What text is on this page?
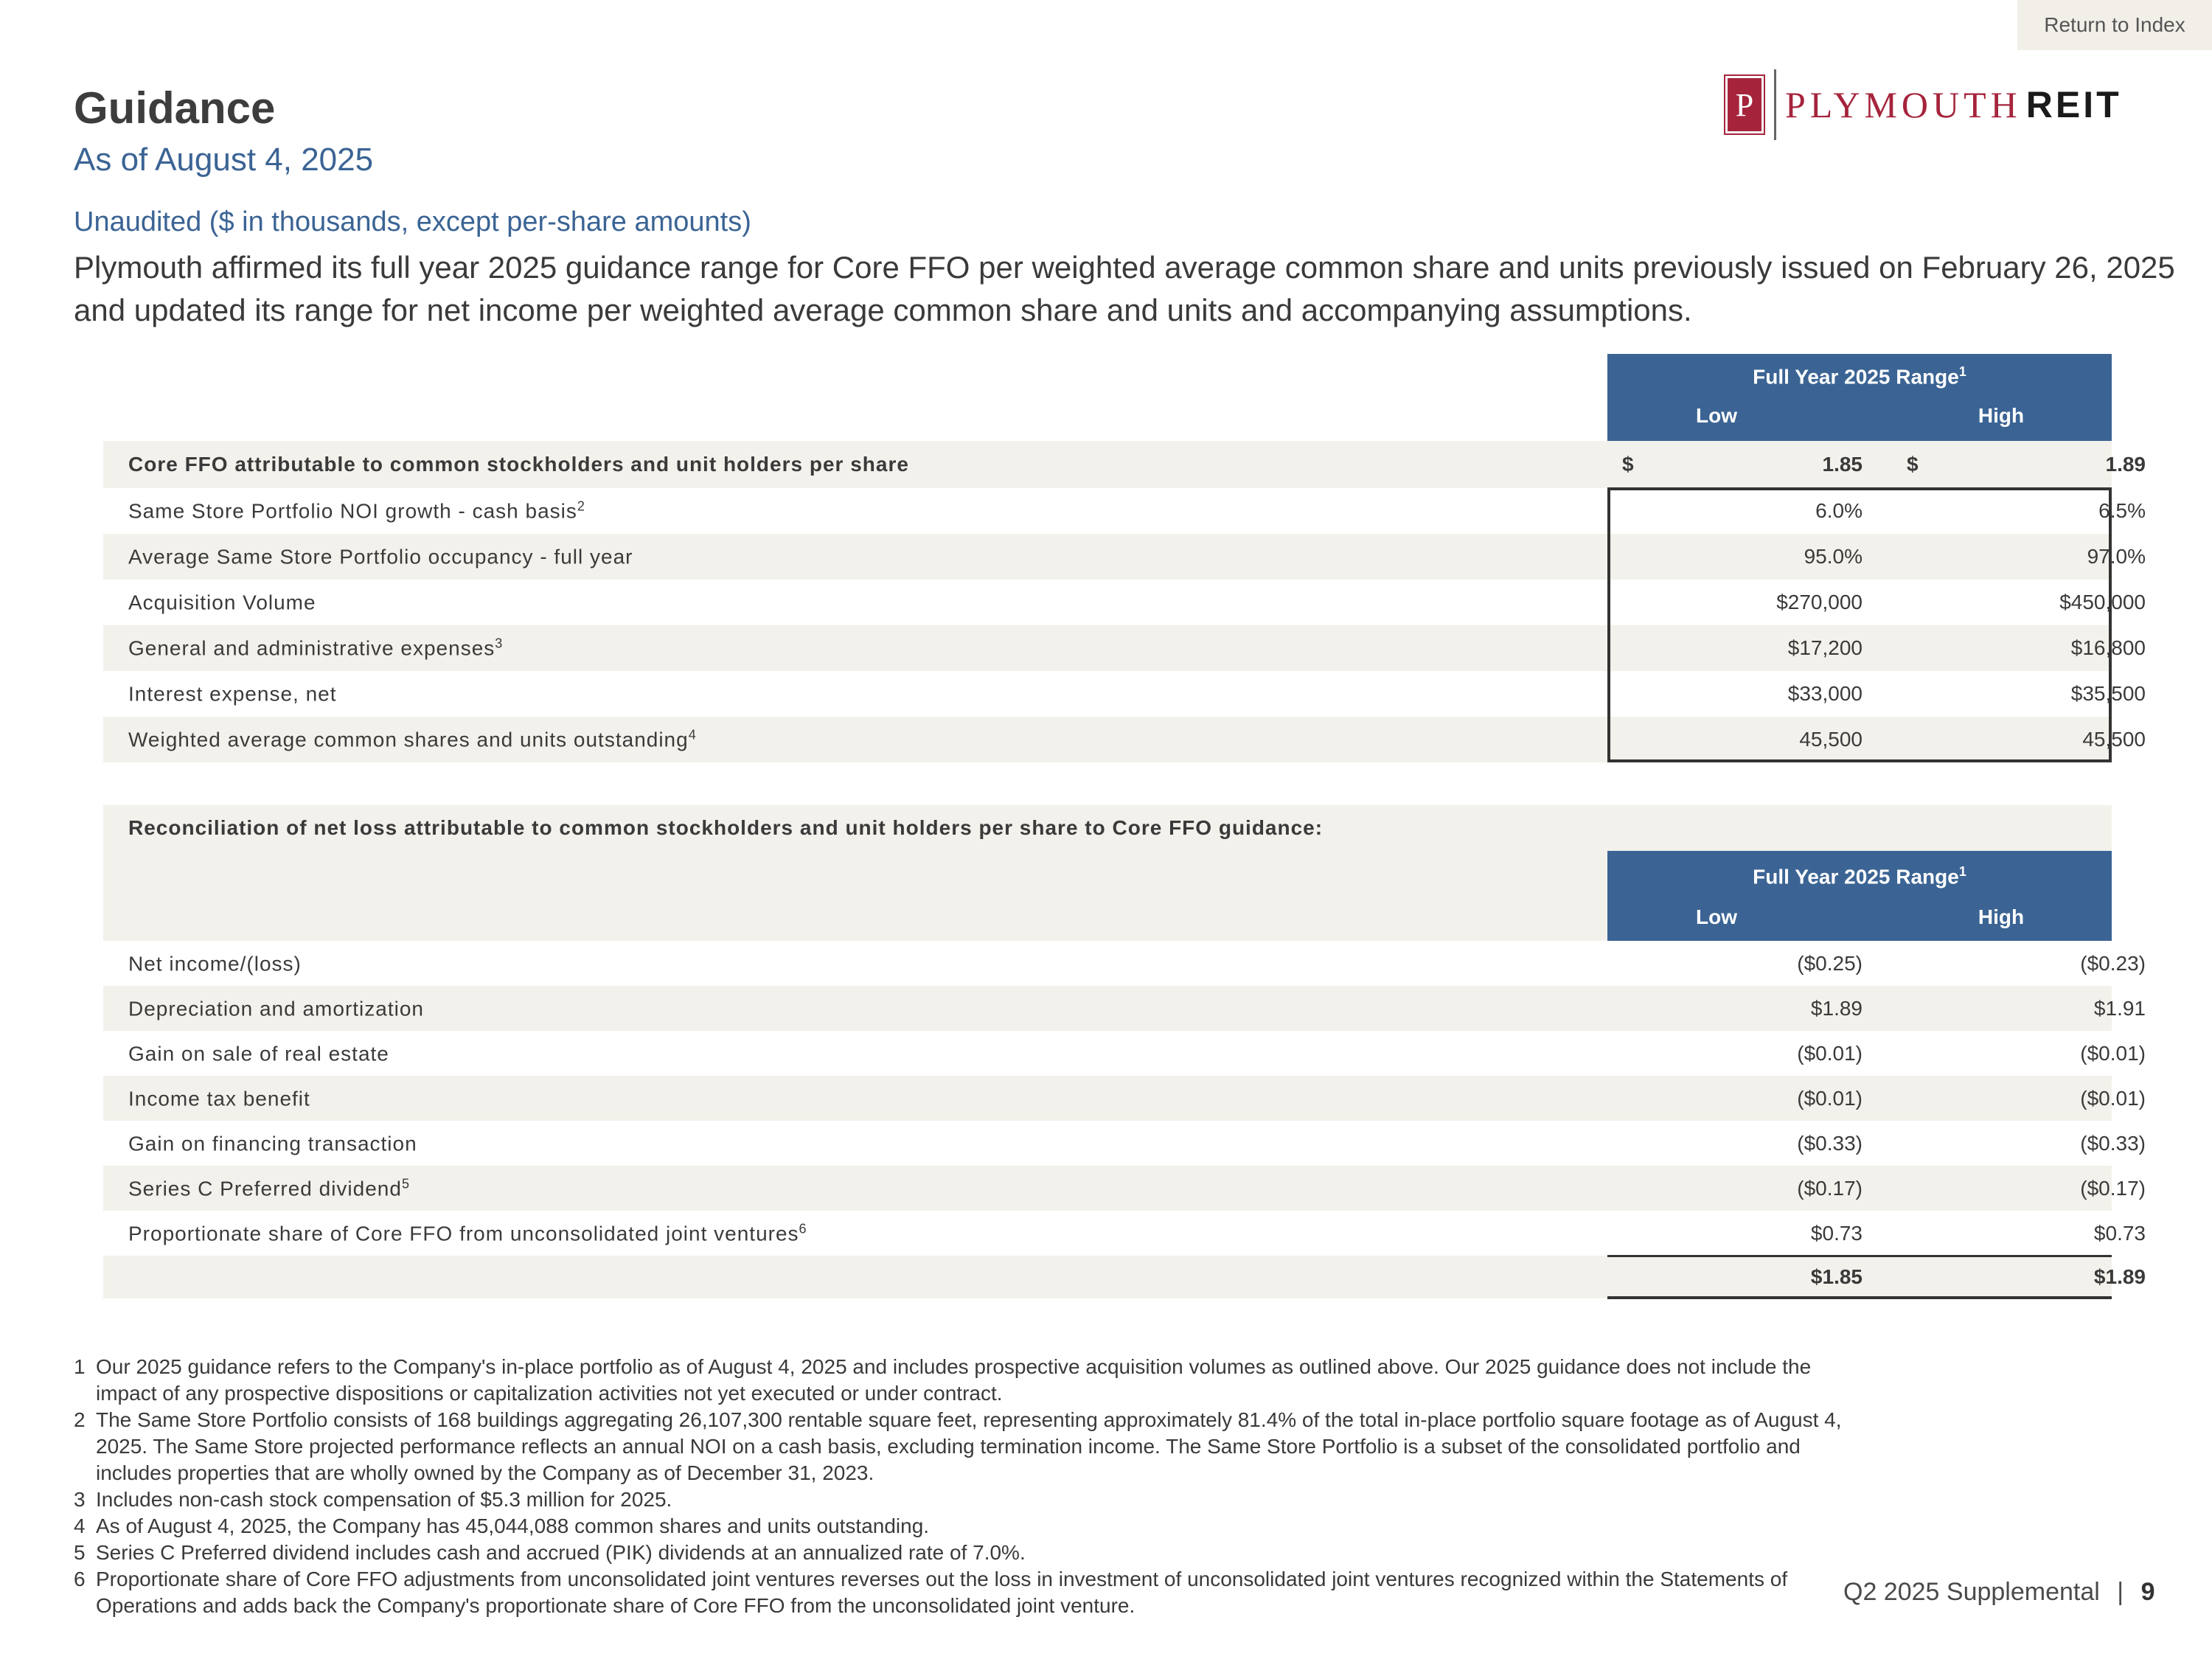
Return to Index
Guidance
As of August 4, 2025
Unaudited ($ in thousands, except per-share amounts)
Plymouth affirmed its full year 2025 guidance range for Core FFO per weighted average common share and units previously issued on February 26, 2025 and updated its range for net income per weighted average common share and units and accompanying assumptions.
P PLYMOUTH REIT
Full Year 2025 Range$^1$
Low	High
Core FFO attributable to common stockholders and unit holders per share	$	1.85 $	1.89
Same Store Portfolio NOI growth - cash basis$^2$	6.0%	6.5%
Average Same Store Portfolio occupancy - full year	95.0%	97.0%
Acquisition Volume	$270,000	$450,000
General and administrative expenses$^3$	$17,200	$16,800
Interest expense, net	$33,000	$35,500
Weighted average common shares and units outstanding$^4$	45,500	45,500
Reconciliation of net loss attributable to common stockholders and unit holders per share to Core FFO guidance:
Full Year 2025 Range$^1$
Low	High
Net income/(loss)	($0.25)	($0.23)
Depreciation and amortization	$1.89	$1.91
Gain on sale of real estate	($0.01)	($0.01)
Income tax benefit	($0.01)	($0.01)
Gain on financing transaction	($0.33)	($0.33)
Series C Preferred dividend$^5$	($0.17)	($0.17)
Proportionate share of Core FFO from unconsolidated joint ventures$^6$	$0.73	$0.73
$1.85	$1.89
1 Our 2025 guidance refers to the Company's in-place portfolio as of August 4, 2025 and includes prospective acquisition volumes as outlined above. Our 2025 guidance does not include the impact of any prospective dispositions or capitalization activities not yet executed or under contract.
2 The Same Store Portfolio consists of 168 buildings aggregating 26,107,300 rentable square feet, representing approximately 81.4% of the total in-place portfolio square footage as of August 4, 2025. The Same Store projected performance reflects an annual NOI on a cash basis, excluding termination income. The Same Store Portfolio is a subset of the consolidated portfolio and includes properties that are wholly owned by the Company as of December 31, 2023.
3 Includes non-cash stock compensation of $5.3 million for 2025.
4 As of August 4, 2025, the Company has 45,044,088 common shares and units outstanding.
5 Series C Preferred dividend includes cash and accrued (PIK) dividends at an annualized rate of 7.0%.
6 Proportionate share of Core FFO adjustments from unconsolidated joint ventures reverses out the loss in investment of unconsolidated joint ventures recognized within the Statements of Operations and adds back the Company's proportionate share of Core FFO from the unconsolidated joint venture.	Q2 2025 Supplemental | 9
